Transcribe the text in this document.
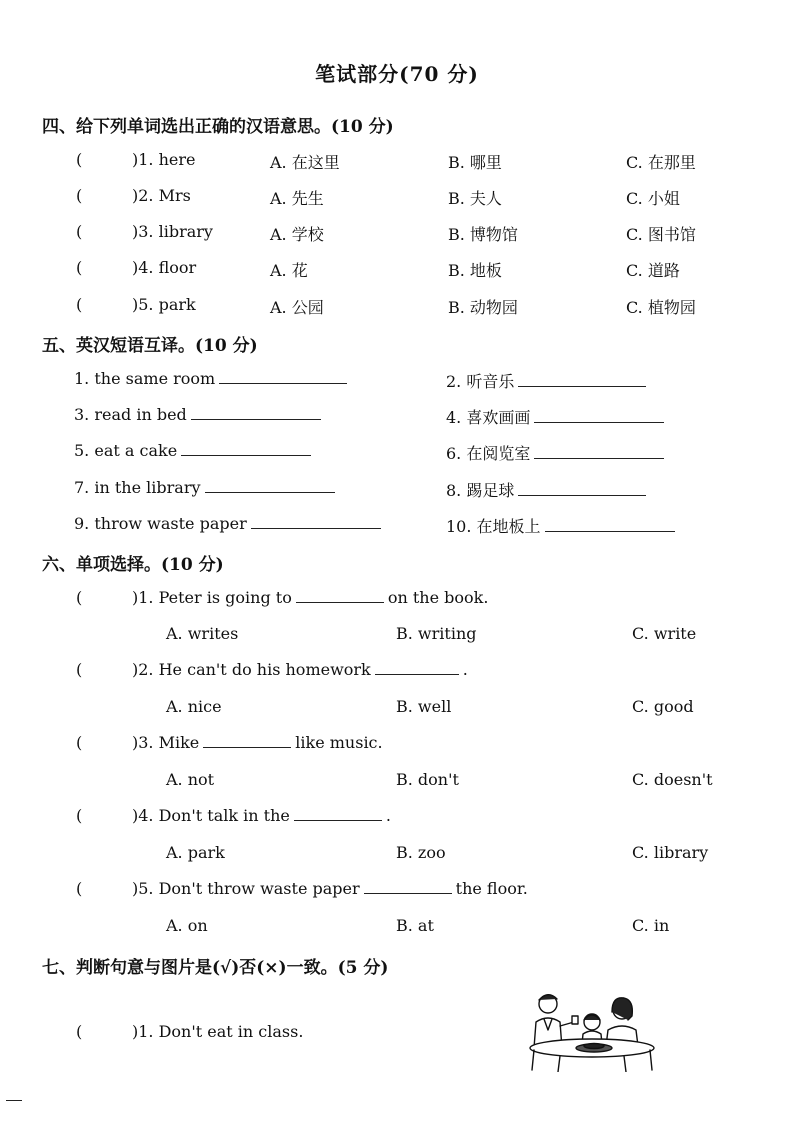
笔试部分(70 分)
四、给下列单词选出正确的汉语意思。(10 分)
(	)1. here	A. 在这里	B. 哪里	C. 在那里
(	)2. Mrs	A. 先生	B. 夫人	C. 小姐
(	)3. library	A. 学校	B. 博物馆	C. 图书馆
(	)4. floor	A. 花	B. 地板	C. 道路
(	)5. park	A. 公园	B. 动物园	C. 植物园
五、英汉短语互译。(10 分)
1. the same room	2. 听音乐
3. read in bed	4. 喜欢画画
5. eat a cake	6. 在阅览室
7. in the library	8. 踢足球
9. throw waste paper	10. 在地板上
六、单项选择。(10 分)
(	)1. Peter is going to	on the book.
A. writes	B. writing	C. write
(	)2. He can't do his homework	.
A. nice	B. well	C. good
(	)3. Mike	like music.
A. not	B. don't	C. doesn't
(	)4. Don't talk in the	.
A. park	B. zoo	C. library
(	)5. Don't throw waste paper	the floor.
A. on	B. at	C. in
七、判断句意与图片是(√)否(×)一致。(5 分)
(	)1. Don't eat in class.
